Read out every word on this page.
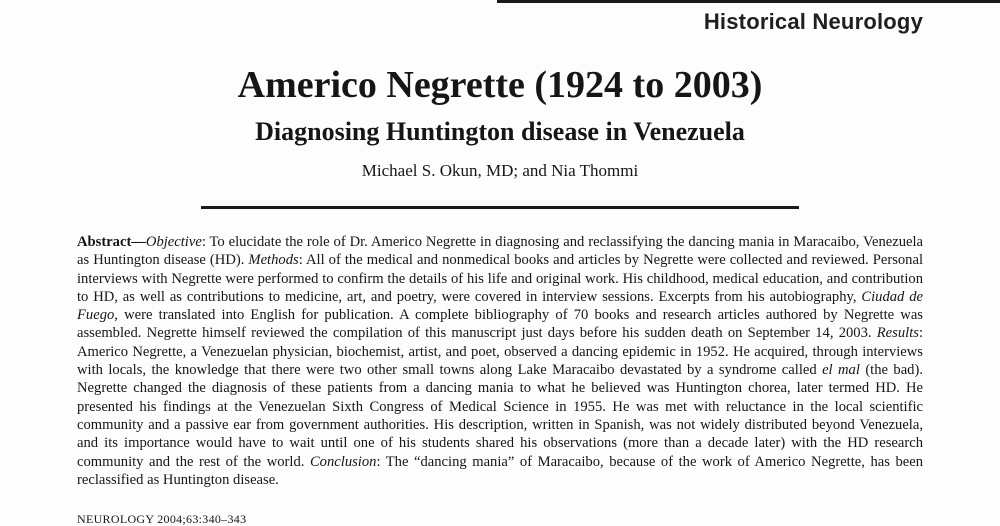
Historical Neurology
Americo Negrette (1924 to 2003)
Diagnosing Huntington disease in Venezuela
Michael S. Okun, MD; and Nia Thommi

Abstract—Objective: To elucidate the role of Dr. Americo Negrette in diagnosing and reclassifying the dancing mania in Maracaibo, Venezuela as Huntington disease (HD). Methods: All of the medical and nonmedical books and articles by Negrette were collected and reviewed. Personal interviews with Negrette were performed to confirm the details of his life and original work. His childhood, medical education, and contribution to HD, as well as contributions to medicine, art, and poetry, were covered in interview sessions. Excerpts from his autobiography, Ciudad de Fuego, were translated into English for publication. A complete bibliography of 70 books and research articles authored by Negrette was assembled. Negrette himself reviewed the compilation of this manuscript just days before his sudden death on September 14, 2003. Results: Americo Negrette, a Venezuelan physician, biochemist, artist, and poet, observed a dancing epidemic in 1952. He acquired, through interviews with locals, the knowledge that there were two other small towns along Lake Maracaibo devastated by a syndrome called el mal (the bad). Negrette changed the diagnosis of these patients from a dancing mania to what he believed was Huntington chorea, later termed HD. He presented his findings at the Venezuelan Sixth Congress of Medical Science in 1955. He was met with reluctance in the local scientific community and a passive ear from government authorities. His description, written in Spanish, was not widely distributed beyond Venezuela, and its importance would have to wait until one of his students shared his observations (more than a decade later) with the HD research community and the rest of the world. Conclusion: The “dancing mania” of Maracaibo, because of the work of Americo Negrette, has been reclassified as Huntington disease.

NEUROLOGY 2004;63:340–343
